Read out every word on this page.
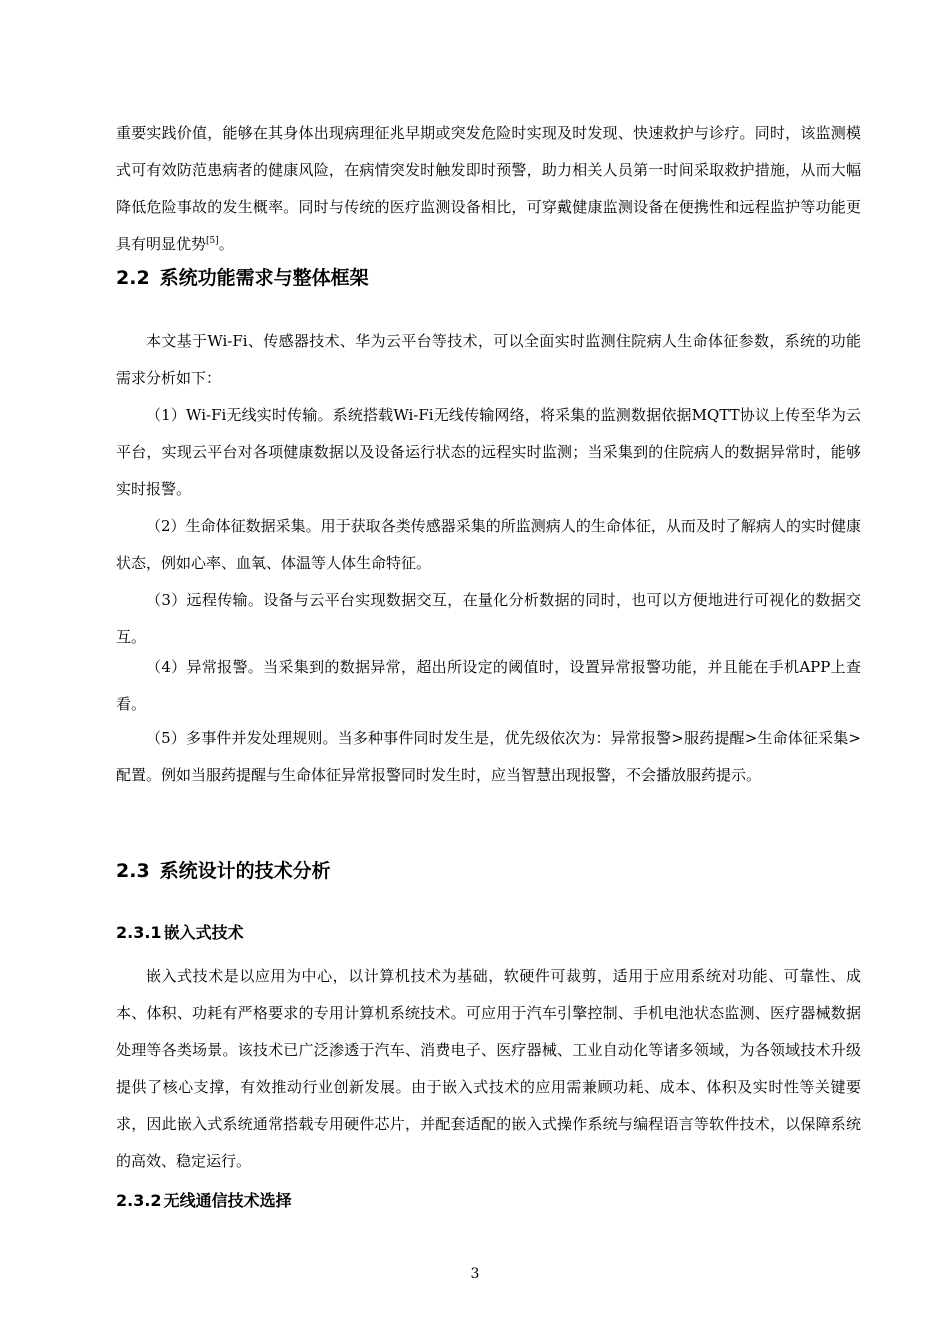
重要实践价值，能够在其身体出现病理征兆早期或突发危险时实现及时发现、快速救护与诊疗。同时，该监测模式可有效防范患病者的健康风险，在病情突发时触发即时预警，助力相关人员第一时间采取救护措施，从而大幅降低危险事故的发生概率。同时与传统的医疗监测设备相比，可穿戴健康监测设备在便携性和远程监护等功能更具有明显优势[5]。

2.2 系统功能需求与整体框架

本文基于Wi-Fi、传感器技术、华为云平台等技术，可以全面实时监测住院病人生命体征参数，系统的功能需求分析如下：

（1）Wi-Fi无线实时传输。系统搭载Wi-Fi无线传输网络，将采集的监测数据依据MQTT协议上传至华为云平台，实现云平台对各项健康数据以及设备运行状态的远程实时监测；当采集到的住院病人的数据异常时，能够实时报警。

（2）生命体征数据采集。用于获取各类传感器采集的所监测病人的生命体征，从而及时了解病人的实时健康状态，例如心率、血氧、体温等人体生命特征。

（3）远程传输。设备与云平台实现数据交互，在量化分析数据的同时，也可以方便地进行可视化的数据交互。

（4）异常报警。当采集到的数据异常，超出所设定的阈值时，设置异常报警功能，并且能在手机APP上查看。

（5）多事件并发处理规则。当多种事件同时发生是，优先级依次为：异常报警>服药提醒>生命体征采集>配置。例如当服药提醒与生命体征异常报警同时发生时，应当智慧出现报警，不会播放服药提示。

2.3 系统设计的技术分析
2.3.1 嵌入式技术

嵌入式技术是以应用为中心，以计算机技术为基础，软硬件可裁剪，适用于应用系统对功能、可靠性、成本、体积、功耗有严格要求的专用计算机系统技术。可应用于汽车引擎控制、手机电池状态监测、医疗器械数据处理等各类场景。该技术已广泛渗透于汽车、消费电子、医疗器械、工业自动化等诸多领域，为各领域技术升级提供了核心支撑，有效推动行业创新发展。由于嵌入式技术的应用需兼顾功耗、成本、体积及实时性等关键要求，因此嵌入式系统通常搭载专用硬件芯片，并配套适配的嵌入式操作系统与编程语言等软件技术，以保障系统的高效、稳定运行。

2.3.2 无线通信技术选择
3
